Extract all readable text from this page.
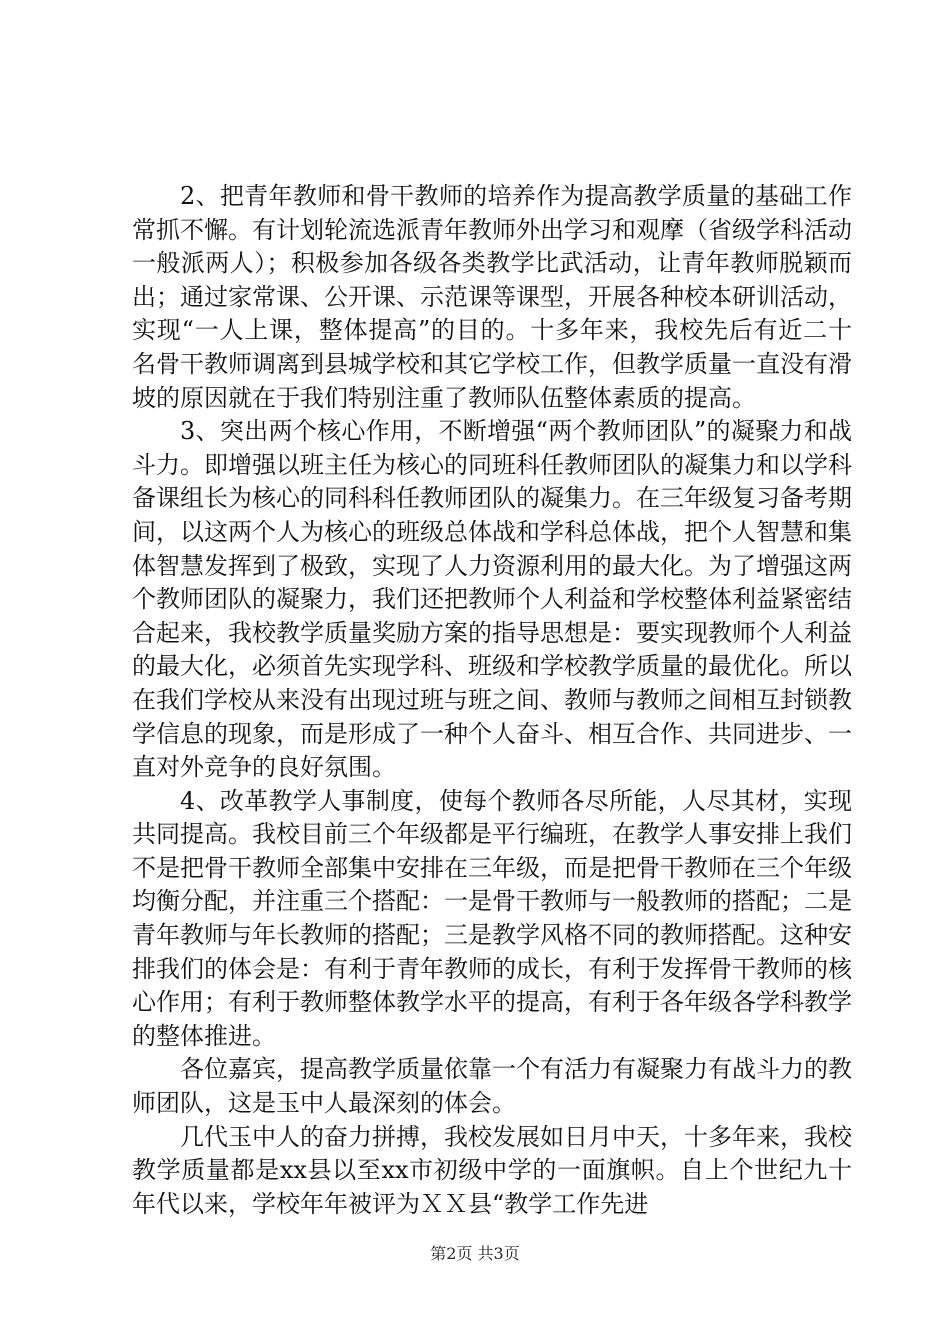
2、把青年教师和骨干教师的培养作为提高教学质量的基础工作常抓不懈。有计划轮流选派青年教师外出学习和观摩（省级学科活动一般派两人）；积极参加各级各类教学比武活动，让青年教师脱颖而出；通过家常课、公开课、示范课等课型，开展各种校本研训活动，实现“一人上课，整体提高”的目的。十多年来，我校先后有近二十名骨干教师调离到县城学校和其它学校工作，但教学质量一直没有滑坡的原因就在于我们特别注重了教师队伍整体素质的提高。

3、突出两个核心作用，不断增强“两个教师团队”的凝聚力和战斗力。即增强以班主任为核心的同班科任教师团队的凝集力和以学科备课组长为核心的同科科任教师团队的凝集力。在三年级复习备考期间，以这两个人为核心的班级总体战和学科总体战，把个人智慧和集体智慧发挥到了极致，实现了人力资源利用的最大化。为了增强这两个教师团队的凝聚力，我们还把教师个人利益和学校整体利益紧密结合起来，我校教学质量奖励方案的指导思想是：要实现教师个人利益的最大化，必须首先实现学科、班级和学校教学质量的最优化。所以在我们学校从来没有出现过班与班之间、教师与教师之间相互封锁教学信息的现象，而是形成了一种个人奋斗、相互合作、共同进步、一直对外竞争的良好氛围。

4、改革教学人事制度，使每个教师各尽所能，人尽其材，实现共同提高。我校目前三个年级都是平行编班，在教学人事安排上我们不是把骨干教师全部集中安排在三年级，而是把骨干教师在三个年级均衡分配，并注重三个搭配：一是骨干教师与一般教师的搭配；二是青年教师与年长教师的搭配；三是教学风格不同的教师搭配。这种安排我们的体会是：有利于青年教师的成长，有利于发挥骨干教师的核心作用；有利于教师整体教学水平的提高，有利于各年级各学科教学的整体推进。

各位嘉宾，提高教学质量依靠一个有活力有凝聚力有战斗力的教师团队，这是玉中人最深刻的体会。

几代玉中人的奋力拼搏，我校发展如日月中天，十多年来，我校教学质量都是xx县以至xx市初级中学的一面旗帜。自上个世纪九十年代以来，学校年年被评为ＸＸ县“教学工作先进

第2页 共3页
